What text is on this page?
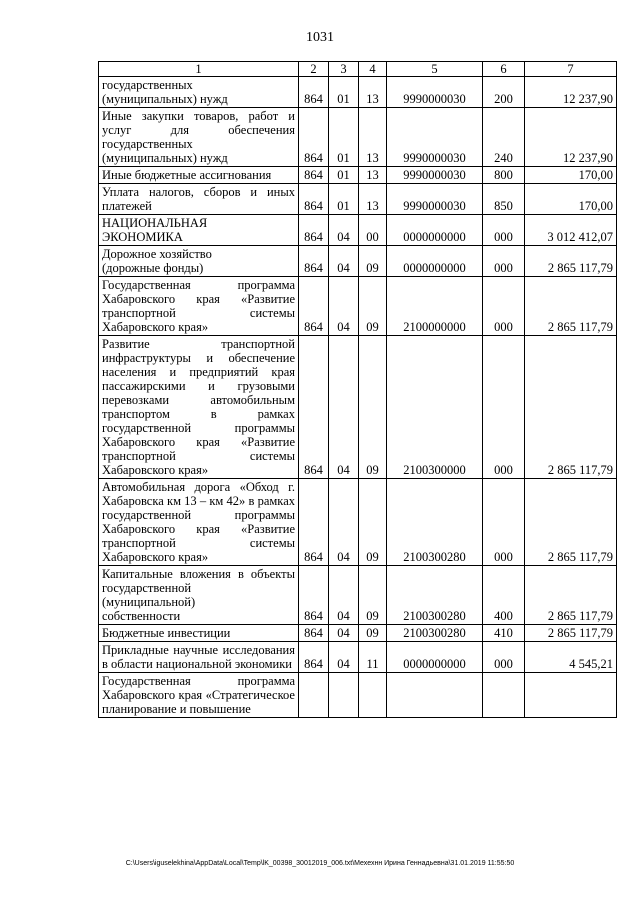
1031
1	2	3	4	5	6	7
государственных
(муниципальных) нужд	864	01	13	9990000030	200	12 237,90
Иные закупки товаров, работ и услуг для обеспечения государственных
(муниципальных) нужд	864	01	13	9990000030	240	12 237,90
Иные бюджетные ассигнования	864	01	13	9990000030	800	170,00
Уплата налогов, сборов и иных платежей	864	01	13	9990000030	850	170,00
НАЦИОНАЛЬНАЯ
ЭКОНОМИКА	864	04	00	0000000000	000	3 012 412,07
Дорожное хозяйство
(дорожные фонды)	864	04	09	0000000000	000	2 865 117,79
Государственная программа Хабаровского края «Развитие транспортной системы Хабаровского края»	864	04	09	2100000000	000	2 865 117,79
Развитие транспортной инфраструктуры и обеспечение населения и предприятий края пассажирскими и грузовыми перевозками автомобильным транспортом в рамках государственной программы Хабаровского края «Развитие транспортной системы Хабаровского края»	864	04	09	2100300000	000	2 865 117,79
Автомобильная дорога «Обход г. Хабаровска км 13 – км 42» в рамках государственной программы Хабаровского края «Развитие транспортной системы Хабаровского края»	864	04	09	2100300280	000	2 865 117,79
Капитальные вложения в объекты государственной
(муниципальной)
собственности	864	04	09	2100300280	400	2 865 117,79
Бюджетные инвестиции	864	04	09	2100300280	410	2 865 117,79
Прикладные научные исследования в области национальной экономики	864	04	11	0000000000	000	4 545,21
Государственная программа Хабаровского края «Стратегическое планирование и повышение						
C:\Users\iguselekhina\AppData\Local\Temp\lK_00398_30012019_006.txt\Мехехнн Ирина Геннадьевна\31.01.2019 11:55:50
